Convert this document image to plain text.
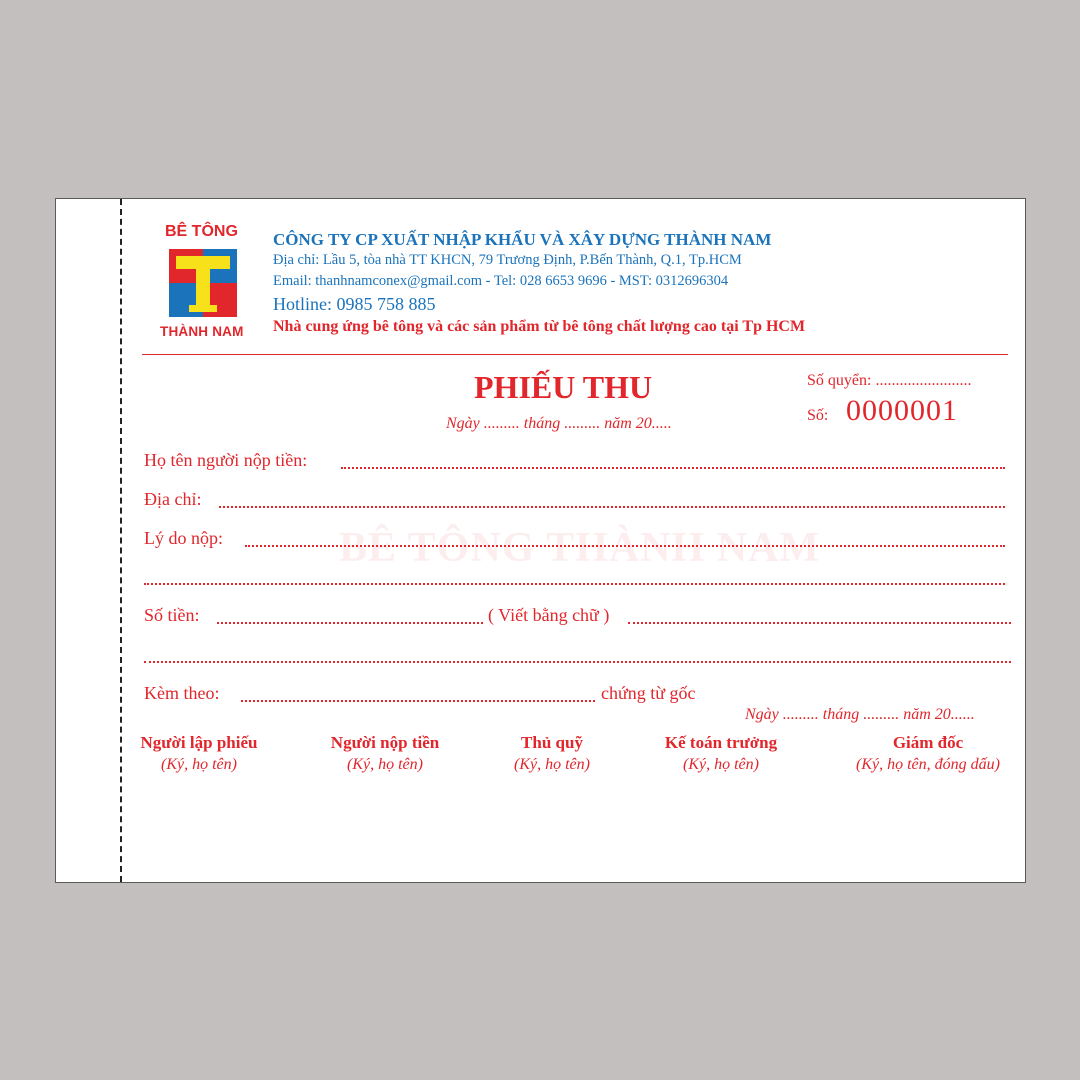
BÊ TÔNG
THÀNH NAM
CÔNG TY CP XUẤT NHẬP KHẨU VÀ XÂY DỰNG THÀNH NAM
Địa chỉ: Lầu 5, tòa nhà TT KHCN, 79 Trương Định, P.Bến Thành, Q.1, Tp.HCM
Email: thanhnamconex@gmail.com - Tel: 028 6653 9696 - MST: 0312696304
Hotline: 0985 758 885
Nhà cung ứng bê tông và các sản phẩm từ bê tông chất lượng cao tại Tp HCM
PHIẾU THU
Ngày ......... tháng ......... năm 20.....
Số quyển: ........................
Số: 0000001
BÊ TÔNG THÀNH NAM
Họ tên người nộp tiền:
Địa chỉ:
Lý do nộp:
Số tiền:	( Viết bằng chữ )
Kèm theo:	chứng từ gốc
Ngày ......... tháng ......... năm 20......
Người lập phiếu
(Ký, họ tên)
Người nộp tiền
(Ký, họ tên)
Thủ quỹ
(Ký, họ tên)
Kế toán trưởng
(Ký, họ tên)
Giám đốc
(Ký, họ tên, đóng dấu)
